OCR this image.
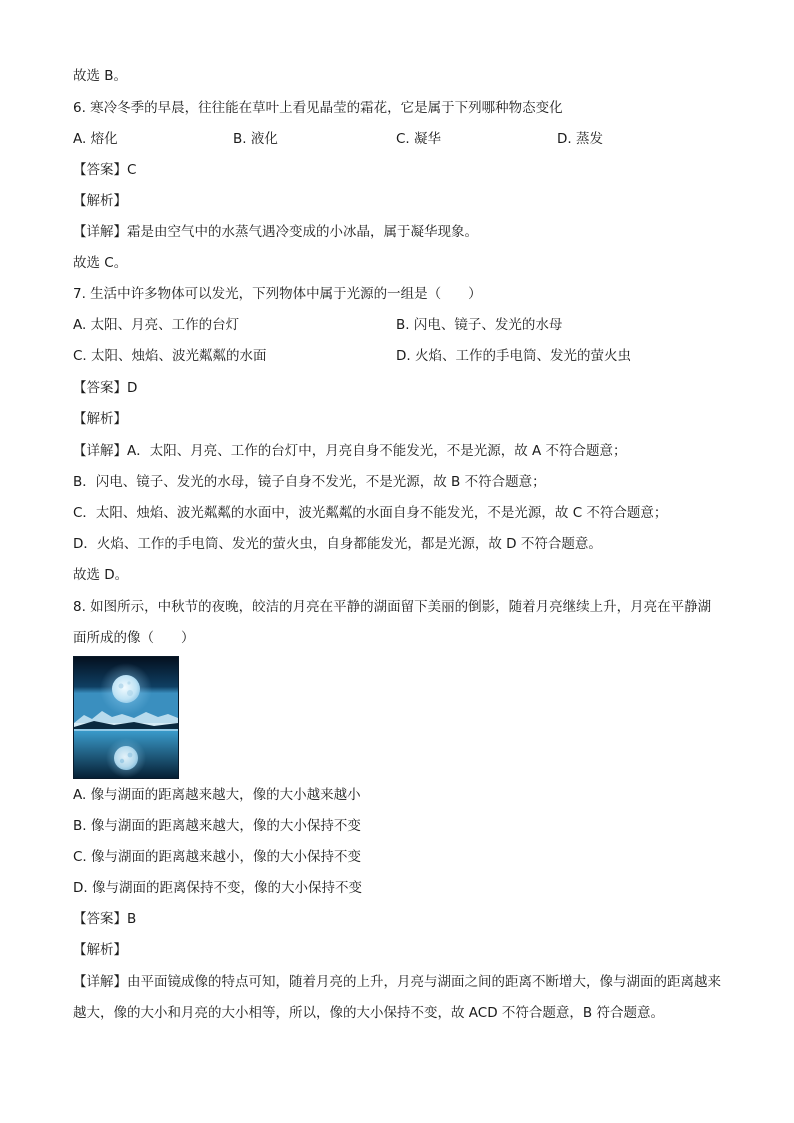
故选 B。
6. 寒冷冬季的早晨，往往能在草叶上看见晶莹的霜花，它是属于下列哪种物态变化
A. 熔化	B. 液化	C. 凝华	D. 蒸发
【答案】C
【解析】
【详解】霜是由空气中的水蒸气遇冷变成的小冰晶，属于凝华现象。
故选 C。
7. 生活中许多物体可以发光，下列物体中属于光源的一组是（　　）
A. 太阳、月亮、工作的台灯	B. 闪电、镜子、发光的水母
C. 太阳、烛焰、波光粼粼的水面	D. 火焰、工作的手电筒、发光的萤火虫
【答案】D
【解析】
【详解】A．太阳、月亮、工作的台灯中，月亮自身不能发光，不是光源，故 A 不符合题意；
B．闪电、镜子、发光的水母，镜子自身不发光，不是光源，故 B 不符合题意；
C．太阳、烛焰、波光粼粼的水面中，波光粼粼的水面自身不能发光，不是光源，故 C 不符合题意；
D．火焰、工作的手电筒、发光的萤火虫，自身都能发光，都是光源，故 D 不符合题意。
故选 D。
8. 如图所示，中秋节的夜晚，皎洁的月亮在平静的湖面留下美丽的倒影，随着月亮继续上升，月亮在平静湖面所成的像（　　）
A. 像与湖面的距离越来越大，像的大小越来越小
B. 像与湖面的距离越来越大，像的大小保持不变
C. 像与湖面的距离越来越小，像的大小保持不变
D. 像与湖面的距离保持不变，像的大小保持不变
【答案】B
【解析】
【详解】由平面镜成像的特点可知，随着月亮的上升，月亮与湖面之间的距离不断增大，像与湖面的距离越来越大，像的大小和月亮的大小相等，所以，像的大小保持不变，故 ACD 不符合题意，B 符合题意。
